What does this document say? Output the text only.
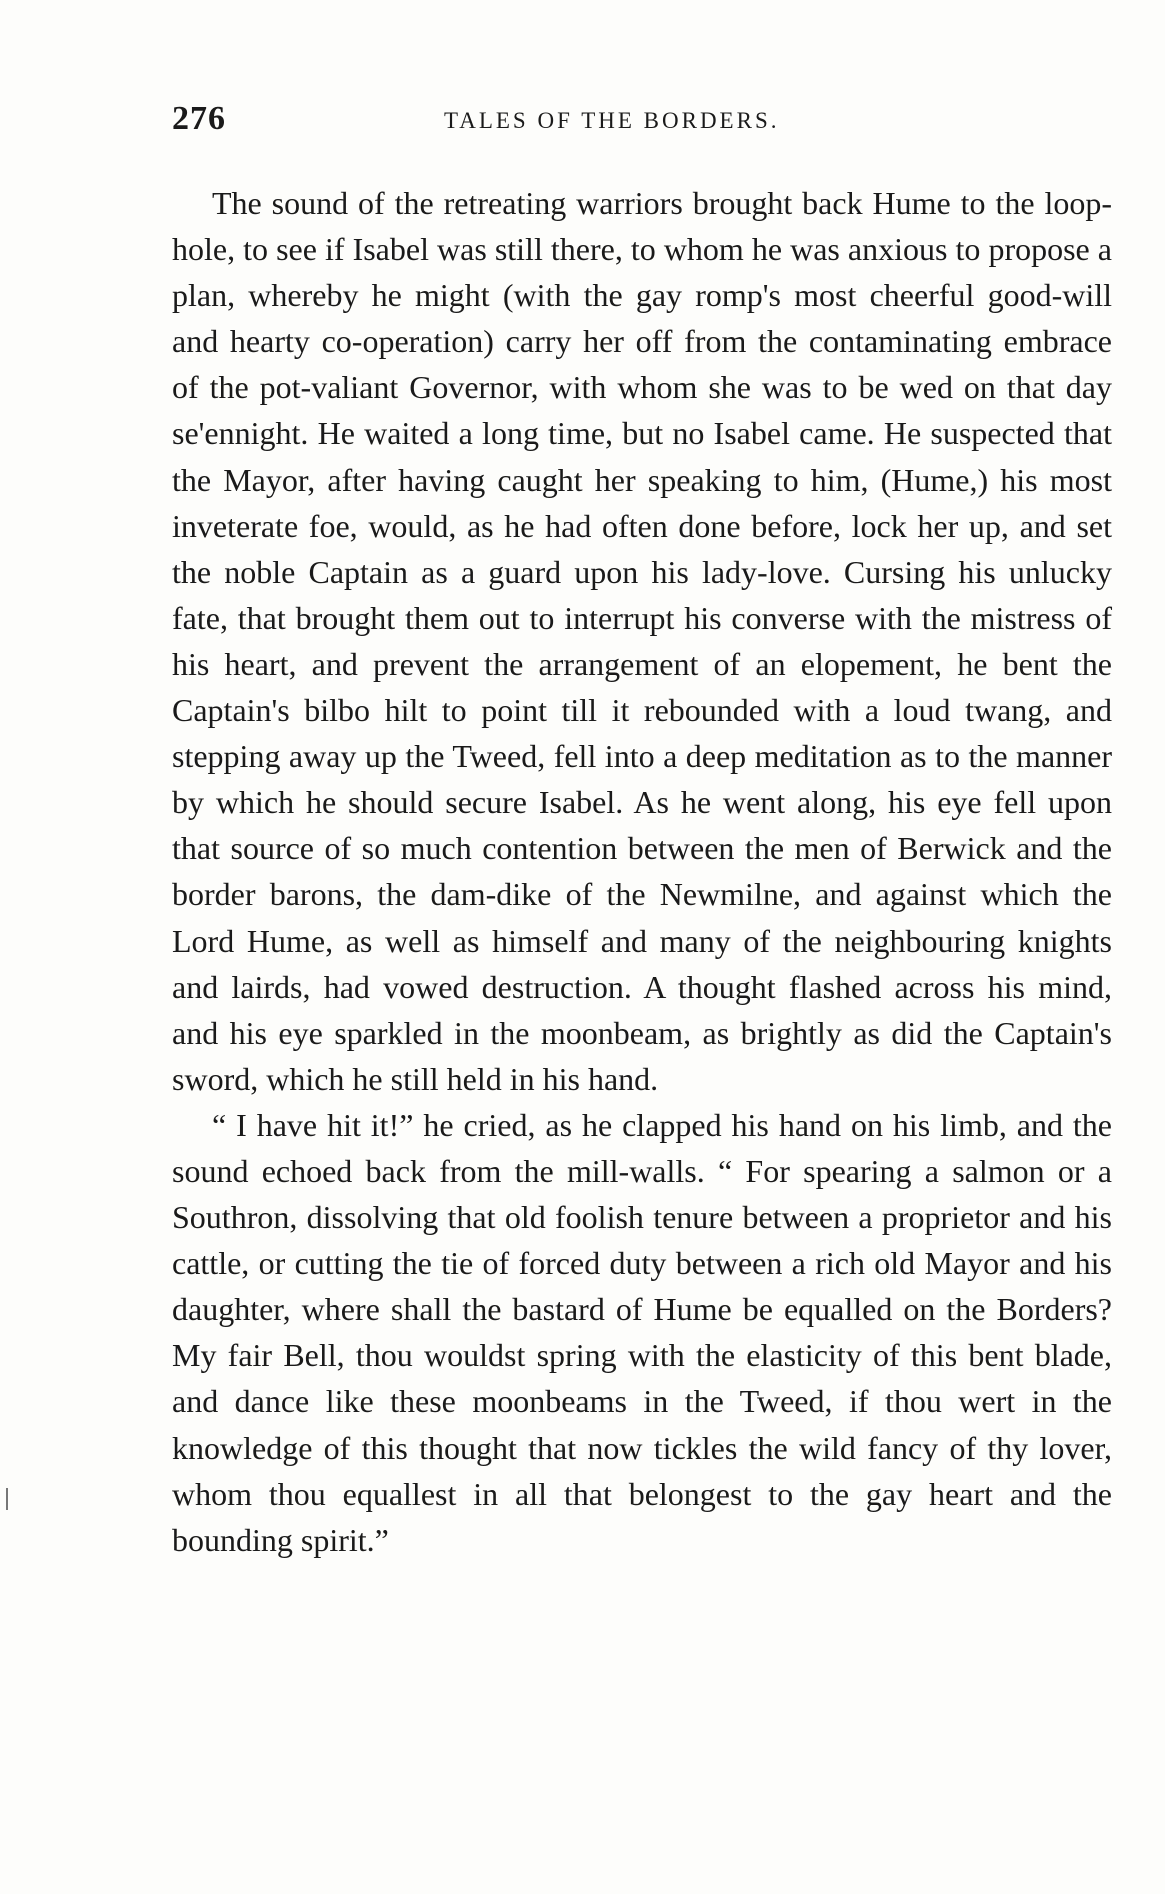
276	TALES OF THE BORDERS.

The sound of the retreating warriors brought back Hume to the loop-hole, to see if Isabel was still there, to whom he was anxious to propose a plan, whereby he might (with the gay romp's most cheerful good-will and hearty co-operation) carry her off from the contaminating embrace of the pot-valiant Governor, with whom she was to be wed on that day se'ennight. He waited a long time, but no Isabel came. He suspected that the Mayor, after having caught her speaking to him, (Hume,) his most inveterate foe, would, as he had often done before, lock her up, and set the noble Captain as a guard upon his lady-love. Cursing his unlucky fate, that brought them out to interrupt his converse with the mistress of his heart, and prevent the arrangement of an elopement, he bent the Captain's bilbo hilt to point till it rebounded with a loud twang, and stepping away up the Tweed, fell into a deep meditation as to the manner by which he should secure Isabel. As he went along, his eye fell upon that source of so much contention between the men of Berwick and the border barons, the dam-dike of the Newmilne, and against which the Lord Hume, as well as himself and many of the neighbouring knights and lairds, had vowed destruction. A thought flashed across his mind, and his eye sparkled in the moonbeam, as brightly as did the Captain's sword, which he still held in his hand.

“ I have hit it!” he cried, as he clapped his hand on his limb, and the sound echoed back from the mill-walls. “ For spearing a salmon or a Southron, dissolving that old foolish tenure between a proprietor and his cattle, or cutting the tie of forced duty between a rich old Mayor and his daughter, where shall the bastard of Hume be equalled on the Borders? My fair Bell, thou wouldst spring with the elasticity of this bent blade, and dance like these moonbeams in the Tweed, if thou wert in the knowledge of this thought that now tickles the wild fancy of thy lover, whom thou equallest in all that belongest to the gay heart and the bounding spirit.”
